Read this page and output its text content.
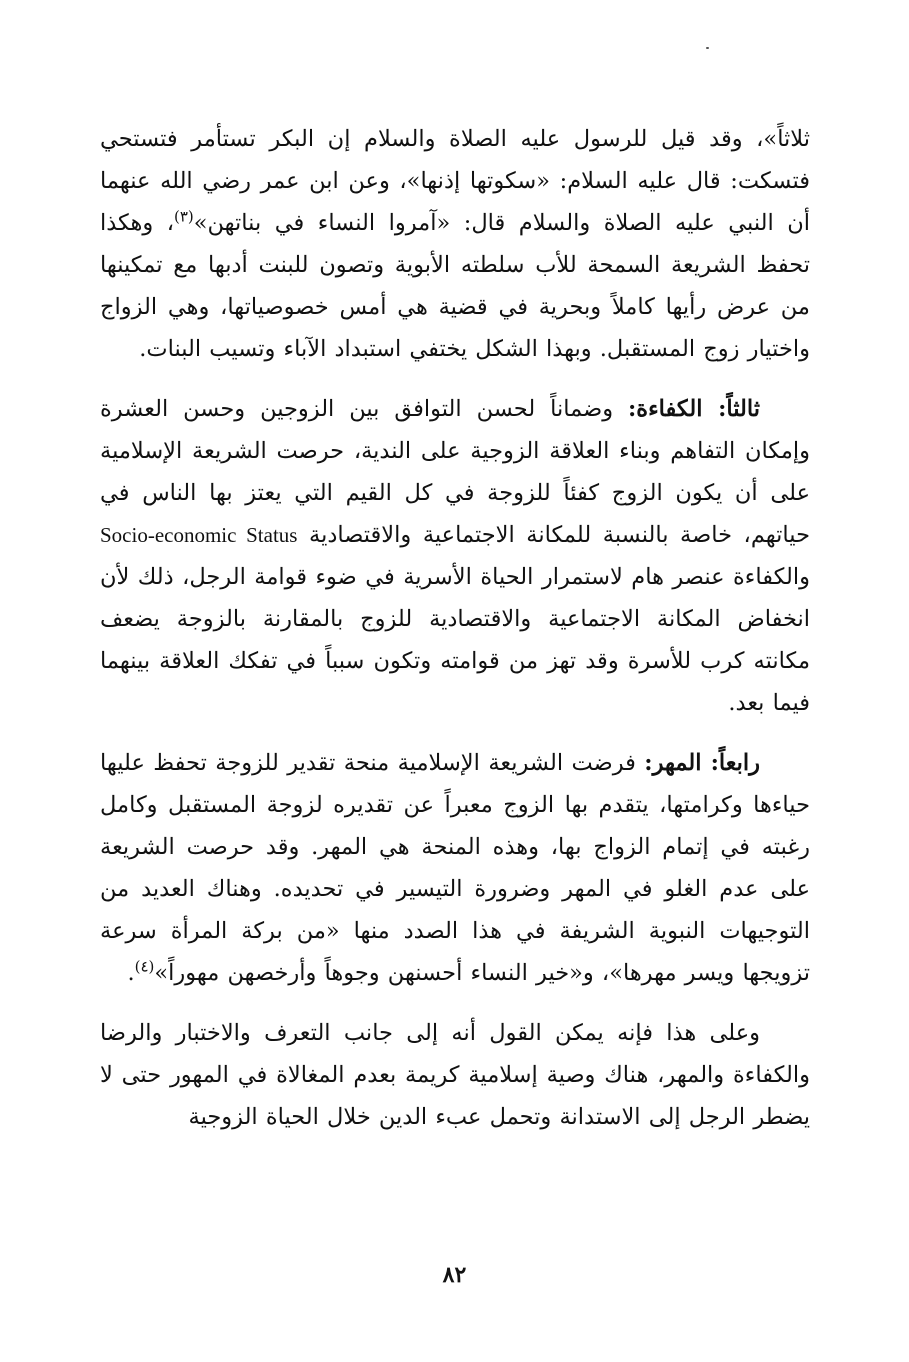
ثلاثاً»، وقد قيل للرسول عليه الصلاة والسلام إن البكر تستأمر فتستحي فتسكت: قال عليه السلام: «سكوتها إذنها»، وعن ابن عمر رضي الله عنهما أن النبي عليه الصلاة والسلام قال: «آمروا النساء في بناتهن»$^{(٣)}$، وهكذا تحفظ الشريعة السمحة للأب سلطته الأبوية وتصون للبنت أدبها مع تمكينها من عرض رأيها كاملاً وبحرية في قضية هي أمس خصوصياتها، وهي الزواج واختيار زوج المستقبل. وبهذا الشكل يختفي استبداد الآباء وتسيب البنات.

ثالثاً: الكفاءة: وضماناً لحسن التوافق بين الزوجين وحسن العشرة وإمكان التفاهم وبناء العلاقة الزوجية على الندية، حرصت الشريعة الإسلامية على أن يكون الزوج كفئاً للزوجة في كل القيم التي يعتز بها الناس في حياتهم، خاصة بالنسبة للمكانة الاجتماعية والاقتصادية Socio-economic Status والكفاءة عنصر هام لاستمرار الحياة الأسرية في ضوء قوامة الرجل، ذلك لأن انخفاض المكانة الاجتماعية والاقتصادية للزوج بالمقارنة بالزوجة يضعف مكانته كرب للأسرة وقد تهز من قوامته وتكون سبباً في تفكك العلاقة بينهما فيما بعد.

رابعاً: المهر: فرضت الشريعة الإسلامية منحة تقدير للزوجة تحفظ عليها حياءها وكرامتها، يتقدم بها الزوج معبراً عن تقديره لزوجة المستقبل وكامل رغبته في إتمام الزواج بها، وهذه المنحة هي المهر. وقد حرصت الشريعة على عدم الغلو في المهر وضرورة التيسير في تحديده. وهناك العديد من التوجيهات النبوية الشريفة في هذا الصدد منها «من بركة المرأة سرعة تزويجها ويسر مهرها»، و«خير النساء أحسنهن وجوهاً وأرخصهن مهوراً»$^{(٤)}$.

وعلى هذا فإنه يمكن القول أنه إلى جانب التعرف والاختبار والرضا والكفاءة والمهر، هناك وصية إسلامية كريمة بعدم المغالاة في المهور حتى لا يضطر الرجل إلى الاستدانة وتحمل عبء الدين خلال الحياة الزوجية

٨٢
